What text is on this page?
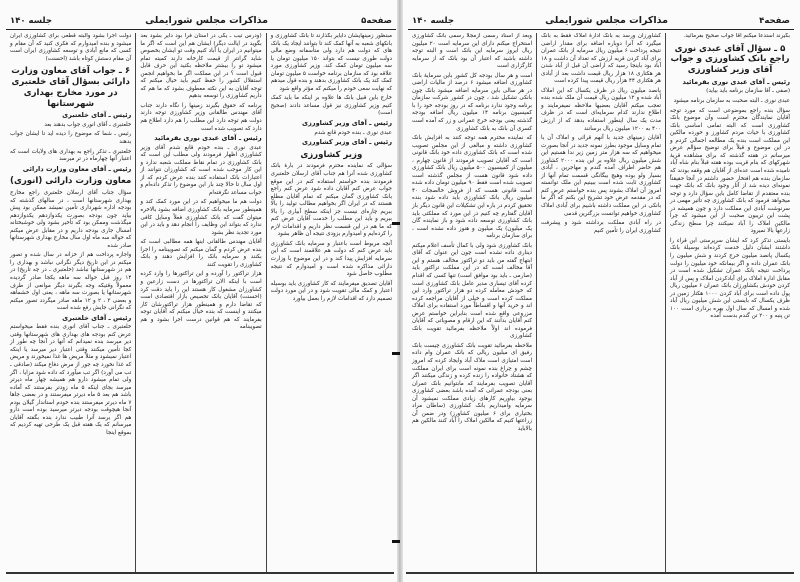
صفحه۵
مذاکرات مجلس شورایملی
جلسه ۱۴۰

مبنظور زمینهایشان دایایر بگذارند تا بانک کشاورزی و بانکهای شعبه به آنها کمک کند تا بتوانند ایجاد یک بانک های که دولت هم دارد ولی متأسفانه وضع مالی دولت طوری نیست که بتواند ۱۵۰ میلیون تومان یا سه میلیون تومان کمک کند. وزیر کشاورزی مورد علاقه بود که سازمان برنامه خواست ۵ میلیون تومان کمک کند یک بانک کشاورزی بدهند و بنده قول میدهم که نهایت سعی خودم را میکنم که مؤثر واقع شود

خارج باین قبیل بانک ها علاوه بر اینکه ما باید کمک کنیم وزیر کشاورزی نیز قول مساعد دادند (صحیح است)

رئیس ـ آقای وزیر کشاورزی

عبدی نوری ـ بنده خودم قانع شدم

رئیس ـ آقای وزیر کشاورزی

وزیر کشاورزی

سؤالی که نماینده محترم فرمودند در بارهٔ بانک کشاورزی شده آنرا هم جناب آقای ارسلان خلعتبری فرمودند بنده خواستم استفاده کنم در این موقع جواب عرض کنم آقایان داده شود عرض کنم راجع بانک کشاورزی گمان میکنم که تمام آقایان مطلع هستند که در ایران اگر بخواهیم مطالب تولید را بالا ببریم چاره‌ای نیست جز اینکه سطح آبیاری را بالا ببریم و باید این مطلب را خدمت آقایان عرض کنم که ما هم در این قسمت نظر داریم و اقدامات لازم را کرده‌ایم و امیدوارم بزودی نتیجه آن ظاهر بشود

آنچه مربوط است باعتبار و سرمایه بانک کشاورزی باید عرض کنم که دولت هم علاقمند است که این سرمایه افزایش پیدا کند و در این موضوع با وزارت دارائی مذاکره شده است و امیدوارم که نتیجه مطلوب حاصل شود

آقایان تصدیق میفرمایند که کار کشاورزی باید بوسیله اعتبار و کمک مالی تقویت شود و در این مورد دولت تصمیم دارد که اقدامات لازم را بعمل بیاورد

(ودرس تیب ـ یکی در استان فرا بود دایر بشود بعد بگوید در ایالت دیگر) ایشان هم این است که اگر ما میتوانیم در ایران یا آباد کنیم وقت تو ایشان بخصوص شاید گرانتر از قیمت کارخانه دارند کمیته تمام میشود تو را بیشتر ملاحظه بکنید این حرف قابل قبول است ؟ در این مملکت اگر ما بخواهیم انجمن استقلال کشور را حفظ کنیم باید خیال میکنم که توجه آقایان به این نکته معطوف بشود که ما هم که داریم کشاورزی را توسعه بدهیم

برنامه که حقوق بگیرند زمینها را نگاه دارند جناب آقای مهندس طالقانی وزیر کشاورزی توجه دارند دولت هم توجه دارد این مطلب را هم دارد اطلاع هم دارد که تصویب شده است

رئیس ـ آقای عبدی نوری بفرمائید

عبدی نوری ـ بنده خودم قانع شدم آقای وزیر کشاورزی اظهار فرمودند ولی مطلب این است که بانک کشاورزی در تمام نقاط مملکت شعبه ندارد و این کار موجب شده است که کشاورزان نتوانند از اعتبارات بانک استفاده کنند بنده عرض کردم که از اول سال تا حالا چند بار این موضوع را تذکر داده‌ام و جواب مساعد نگرفته‌ام

دولت هم ما میخواهیم که در این مورد کمک کند و همینطور سرمایه بانک کشاورزی اضافه بشود بالاخره میتوان گفت که بانک کشاورزی فعلاً وسایل کافی ندارد که بتواند این وظایف را انجام دهد و باید در این مورد تجدید نظر بشود

آقایان مهندس طالقانی اینها همه مطالبی است که بنده عرض کردم و گمان میکنم که تصویبنامه را اجرا بکنند و سرمایه بانک را افزایش دهند و بانک کشاورزی را تقویت کنند

هزار تراکتور را آورده و این تراکتورها را وارد کرده است با اینکه الان تراکتورها در دست زارعین و کشاورزان مشغول کار هستند این را باید دقت کرد (احسنت) آقایان بانک تخصیص بازار اقتصادی است که تقاضا دارم و همینطور هزار تراکتورشان کار میکنند و اینست که بنده خیال میکنم که آقایان توجه بفرمایند که هم قوانین درست اجرا بشود و هم تصویبنامه

دولت اجرا بشود والبته قطعی برای کشاورزی ایران میشود و بنده امیدوارم که فکری کنید که آن مقام و کسی که مانع آبادی و توسعه کشاورزی ایران است آن مقام دستش کوتاه باشد (احسنت)

۶ ـ جواب آقای معاون وزارت دارائی بسؤال آقای خلعتبری در مورد مخارج بهداری شهرستانها

رئیس ـ آقای خلعتبری

خلعتبری ـ آقای انوری جواب بدهند بعد

رئیس ـ شما که موضوع را دیده اید تا ایشان جواب بدهند

خلعتبری ـ تذکر راجع به بهداری های ولایات است که اعتبار آنها چهارماه در تر میرسد

رئیس ـ آقای معاون وزارت دارائی

معاون وزارت دارائی (انوری)

سؤال جناب آقای ارسلان خلعتبری راجع مخارج بهداری شهرستانها است ، در سالهای گذشته که بودجه اداره شهرداری تأمین نمیشد ممکن بود پیش بیاید چون بودجه بصورت یکدوازدهم یکدوازدهم میگذشت وممکن بود که تأخیر بشود ولی خوشبختانه امسال جاری بودجه داریم و در مقابل عرض میکنم که حواله سه ماه اول سال مخارج بهداری شهرستانها صادر شده

واجازه پرداخت هم از خزانه در سال شده و تصور میکنم در این تاریخ دیگر نگرانی نباشد و بهداری را هم در شهرستانها نباشد (خلعتبری ـ در چه تاریخ) در ۱۴ روز قبل حواله سه ماهه یکجا صادر گردیده معمولاً وقتیکه وجه بگیرند دیگر موانعی از طرف شهرستانها یا بصورت سه ماهه ، یعنی اول خشماهه و بعضی ۳ ، ۲ و ۱۲ ماهه صادر میگردد تصور میکنم که نگرانی جایش رفع شده است

رئیس ـ آقای خلعتبری

خلعتبری ـ جناب آقای انوری بنده فقط میخواستم عرض کنم بودجه های بهداری های شهرستانها وقتی دیر میرسد بنده نمیدانم که آنها در آنجا چه طور از کجا تأمین میکنند وقتی اعتبار دیر میرسد یا اینکه اعتبار نمیشود و مثلاً مریض ها غذا نمیخورند و مریض که غذا نخورد چه جور از مرض دفاع میکند (صادقی ـ تب می آورد) اگر تب میآورد که داده شود مزایا ، اگر ولی تمام میشود دارو هم همیشه چهار ماه دیرتر میرسد بجای اینکه ۵ ماه زودتر بفرستند که آماده باشد هم بعد ۵ ماه دیرتر میفرستند و در بعضی جاها ۷ ماه دیرتر میفرستند بنده خودم استاندار گیلان بودم آنجا هیچوقت بودجه دیرتر میرسید بوده است دارو هم اگر برسد آنرا طبیب ندارد بنده بگفته آقایان میرسانم که یک هفته قبل یک طرحی تهیه کردیم که بموقع اینجا

صفحه۴
مذاکرات مجلس شورایملی
جلسه ۱۴۰

بگیرند استدعا میکنم آقا جواب صحیح بفرمائید.

۵ ـ سؤال آقای عبدی نوری راجع بانک کشاورزی و جواب آقای وزیر کشاورزی

رئیس ـ آقای عبدی نوری بفرمائید

(صفی ـ آقا سازمان برنامه باید بیاید)

عبدی نوری ـ البته صحبت به سازمان برنامه میشود

سؤال بنده راجع بموضوعی است که مورد توجه آقایان نمایندگان محترم است وآن موضوع بانک کشاورزی است که البته تمامی اساسی بانک کشاورزی با حیات مردم کشاورز و خورده مالکین این مملکت است بنده یک مطالعه اجمالی کردم و در این موضوع و قبلاً برای توضیح سؤالم عرض میرسانم در هفته گذشته که برای مشاهده قریهٔ شهرکهای که بنام قریت بوده هفته قبلاً بنام شاه آباد نامیده شده است عده‌ای از آقایان هم وقفه بودند که سازمان بنده هم افتخار حضور داشتم در آنجا حقیقتاً نمونه‌ای دیده شد از آثار وجود بانک که بانک جهت بنده معتقدم از تقاضا کامل باین سؤال دارد و توجه میخواهد فرمود که بانک کشاورزی چه تأثیر مهمی در سرنوشت آبادی این مملکت دارد و چون همیشه در پشت این تریبون صحبت از این میشود که چرا مالکین املاک را آباد نمیکنند چرا سطح زندگی زارعها بالا نمیرود

بایستی تذکر کرد که ایشان سرپرستی این قراء را داشتند ایشان دلیل خدمت کرده‌اند بوسیلهٔ بانک یکسال پانصد میلیون خرج کردند و شش میلیون را بانک عمران داده و اگر بیمانکه خود میلیون را دولت پرداخت نتیجه بانک عمران تشکیل شده است در مقابل ادارهٔ املاک برای آبادکردن املاک و پس از آباد کردن خودش بکشاورزان بانک عمران ۶ میلیون ریال پول داده است برای آباد کردن ۱۰۰۰ هکتار زمین در ظرف یکسال که بایستی این شش میلیون ریال آباد شده و امسال که سال اول بهره برداری است ۱۰۰ تن پنبه و ۲۰۰ تن گندم بدست آمده

کشاورزان ورسد به بانک ادارهٔ املاک فقط به بانک میگیرد که آنرا دوباره اضافه برای مقدار اراضی نتیجه پرداخت ۶ میلیون ریال سرمایه از بانک عمران برای آباد کردن قریه ارزش که تعداد آن داشت و ۱۸ آباد بود باینجا رسید که اراضی آن قبل از آباد شدن هر هکتاری ۱۸ هزار ریال قیمت داشت بعد از آبادی هر هکتاری ۴۴ هزار ریال قیمت پیدا کرده است

پانصد میلیون ریال در ظرف یکسال که این املاک آباد شده و ۱۲ میلیون ریال قیمت آن ملک شده بنده تعجب میکنم آقایان بعضیها ملاحظه نمیفرمایند و اطلاع ندارند کدام سرمایه‌ای است که در ظرف مدت یک سال اینطور استفاده بدهد که از ارزش ۴۰۰ به ۱۲۰۰ میلیون ریال برسانند

آقایان زمینهای جدید با آنهم قرائی و املاک آن با تمام وسایل موجود بطرز نمونه جدید در آنجا بصورت میخواهیم که سه هزار متر زمین زیر ندا هستیم این شش میلیون ریال علاوه بر این بنده ۲۰۰۰ کشاورز هم حاضر اطراف آمده گندم و مهاجرین ، آبادی بسیار ولو بوده وهیچ بیگانگی قسمت تمام آنها از کشاورزی ثابت شده است ببینیم این ملک توانسته امروز آن املاک بشوند پس بنده خواستم عرض کنم که در مقدمه عرض خود تشریح این بکنم که اگر ما بانکی در این مملکت داشته باشیم برای آبادی املاک کشاورزی خواهیم توانست بزرگترین قدمی

در راه آبادی مملکت برداشته شود و پیشرفت کشاورزی ایران را تأمین کنیم

وبعد از اسناد رسمی ازمجلاً رسمی بانک کشاورزی استخراج میکنم دارای این سرمایه است ۲۰ میلیون ریال ایروز سرمایه این بانک است و البته توجه داشته باشید که اعتبار آن بود بانک که از سرمایه کارگزاری است

است و هر سال بودجه کل کشور باین سرمایهٔ بانک کشاورزی اضافه میشود ۶ درصد از مالیات اراضی در هر سالی باین سرمایه اضافه میشود بانک چون بانکی تشکیل شد ، چون در کشور شرکت سازمان برنامه وجود ندارد برنامه که در روز بودجه خود را با کمیسیون برنامه ۱۴ میلیون ریال اضافه بودجه گذشته یعنی بودجه خرج عمرانی و زر که آمده است کسری آن بانک به بانک کشاورزی

که نماینده محترم همه توجه کنند به افزایش بانک کشاورزی داشته و مبالغی از این مجلس تصویب شده است که بانک کشاورزی داده خود بانک قانونی است که آقایان تصویب فرمودند از قانون چهارم ، میلیون از کمیسیون ۵۰۰ میلیون ریال بانک کشاورزی داده شود قانون هست از مجلس گذشته است تصویب شده است فقط ۹۰ میلیون تومان داده شده است قانونی هست که از فروش خالصجات ۴۰ میلیون ریال بانک کشاورزی باید داده شود بنده تحقیق کردم در باره این تشکیلات این قانون دیگر باز آقایان گفتارم چه کنیم در این مورد که مملکتی باید بانک کشاورزی توسعه داده شود و باز نماینده گان یک میلیون) یک میلیون و هنوز داده نشده است ، برای سازمان برنامه

بانک کشاورزی شود ولی با کمال تأسف اعلام میکنم دیناری داده نشده است چون این عنوان که آقای ابتهاج گفته من باید دو تراکتور مخالف هستم و این آقا مخالف است که در این مملکت تراکتور باید (صارمی ـ باید بود موافق است) تنها کسی که اقدام کرده آقای تیساری مدیر عامل بانک کشاورزی است که خودش معامله کرده دو هزار تراکتور وارد این مملکت کرده است و خیلی از آقایان مراجعه کرده اند و خرید آنها و اقساطاً مورد استفاده برای املاک مزروعی واقع شده است بنابراین خواستم عرض کنم آقایان بدانند که این ارقام و مصوباتی که آقایان فرموده اند اولاً ملاحظه بفرمائید تقویت بانک کشاورزی

ملاحظه بفرمائید تقویت بانک کشاورزی چیست بانک رفیق ای میلیون ریالی که بانک عمران وام داده است امتیازی است ملاک آباد وایجاد کرده که امروز چشم و چراغ بنده نمونه است برای ایران مملکت که هشتاد خانواده را زنده کرده و زندگی میکنند اگر آقایان تصویب بفرمایند که مابتوانیم بانک عمران بعنی بودجه عمرانی که آمده باشد بعضی کشاورزی بوجود بیاوریم کارهای زیادی مملکت نمیشود آن سرمایه وامیداریم بانک کشاورزی (ساطان مراد بختیاری برای ۶ میلیون کشاورز) ودر ضمن آن زراعتها کنیم که مالکین املاک را آباد کنند مالکین هم بالاباید
